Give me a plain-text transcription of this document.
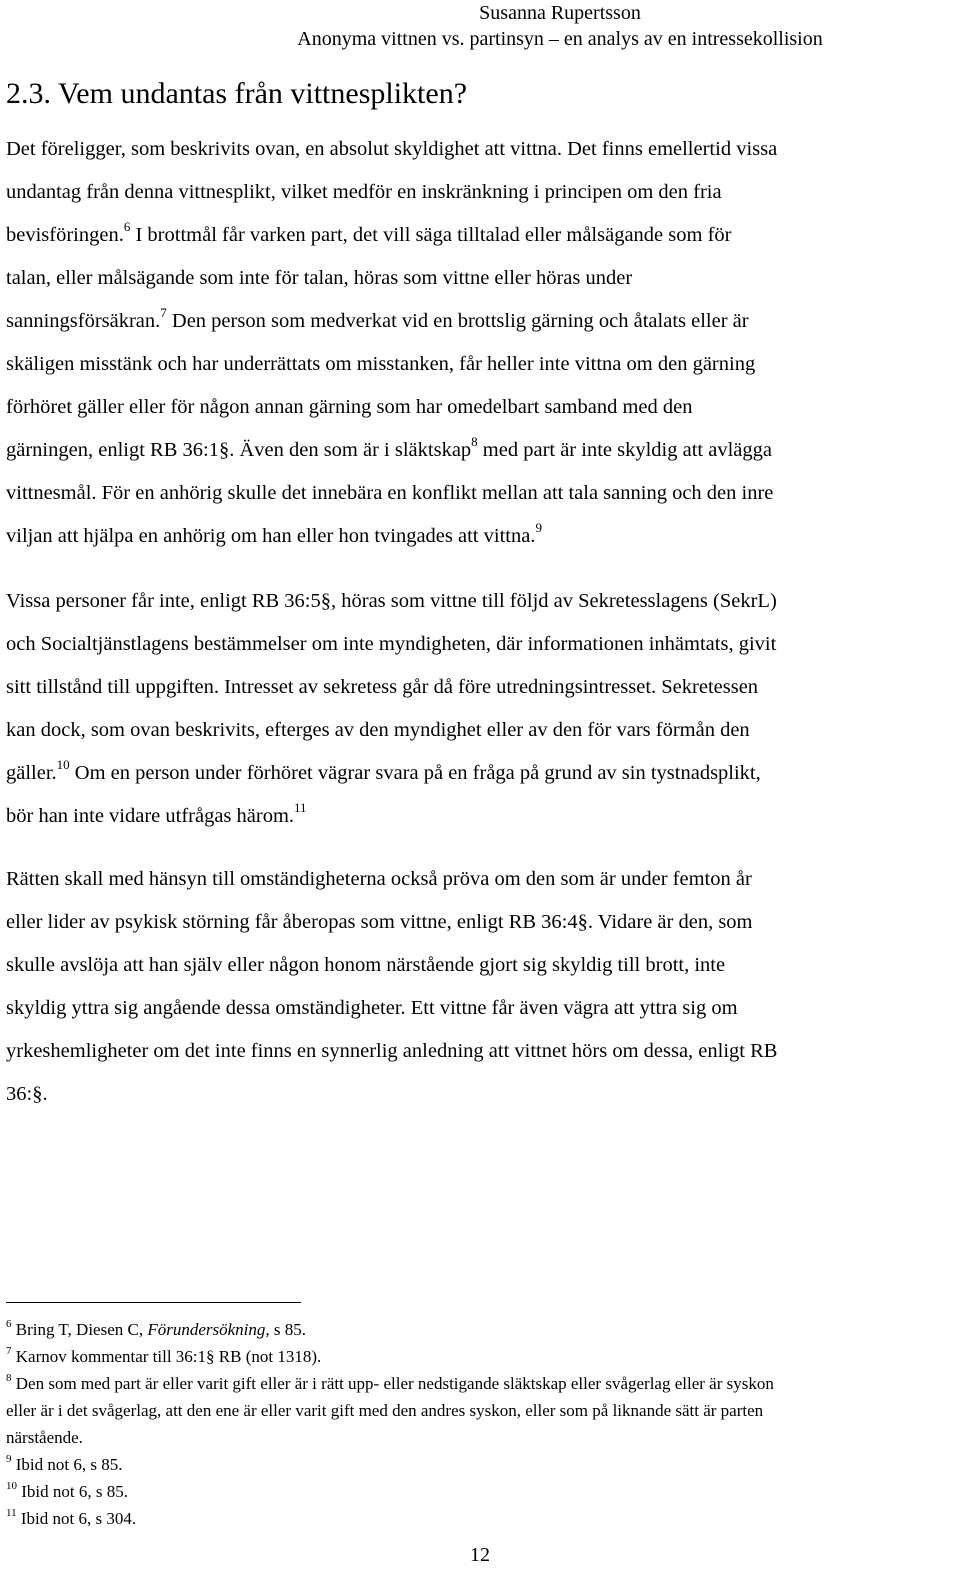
Susanna Rupertsson
Anonyma vittnen vs. partinsyn – en analys av en intressekollision
2.3. Vem undantas från vittnesplikten?
Det föreligger, som beskrivits ovan, en absolut skyldighet att vittna. Det finns emellertid vissa
undantag från denna vittnesplikt, vilket medför en inskränkning i principen om den fria
bevisföringen.$^6$ I brottmål får varken part, det vill säga tilltalad eller målsägande som för
talan, eller målsägande som inte för talan, höras som vittne eller höras under
sanningsförsäkran.$^7$ Den person som medverkat vid en brottslig gärning och åtalats eller är
skäligen misstänk och har underrättats om misstanken, får heller inte vittna om den gärning
förhöret gäller eller för någon annan gärning som har omedelbart samband med den
gärningen, enligt RB 36:1§. Även den som är i släktskap$^8$ med part är inte skyldig att avlägga
vittnesmål. För en anhörig skulle det innebära en konflikt mellan att tala sanning och den inre
viljan att hjälpa en anhörig om han eller hon tvingades att vittna.$^9$
Vissa personer får inte, enligt RB 36:5§, höras som vittne till följd av Sekretesslagens (SekrL)
och Socialtjänstlagens bestämmelser om inte myndigheten, där informationen inhämtats, givit
sitt tillstånd till uppgiften. Intresset av sekretess går då före utredningsintresset. Sekretessen
kan dock, som ovan beskrivits, efterges av den myndighet eller av den för vars förmån den
gäller.$^{10}$ Om en person under förhöret vägrar svara på en fråga på grund av sin tystnadsplikt,
bör han inte vidare utfrågas härom.$^{11}$
Rätten skall med hänsyn till omständigheterna också pröva om den som är under femton år
eller lider av psykisk störning får åberopas som vittne, enligt RB 36:4§. Vidare är den, som
skulle avslöja att han själv eller någon honom närstående gjort sig skyldig till brott, inte
skyldig yttra sig angående dessa omständigheter. Ett vittne får även vägra att yttra sig om
yrkeshemligheter om det inte finns en synnerlig anledning att vittnet hörs om dessa, enligt RB
36:§.
$^6$ Bring T, Diesen C, Förundersökning, s 85.
$^7$ Karnov kommentar till 36:1§ RB (not 1318).
$^8$ Den som med part är eller varit gift eller är i rätt upp- eller nedstigande släktskap eller svågerlag eller är syskon
eller är i det svågerlag, att den ene är eller varit gift med den andres syskon, eller som på liknande sätt är parten
närstående.
$^9$ Ibid not 6, s 85.
$^{10}$ Ibid not 6, s 85.
$^{11}$ Ibid not 6, s 304.
12
